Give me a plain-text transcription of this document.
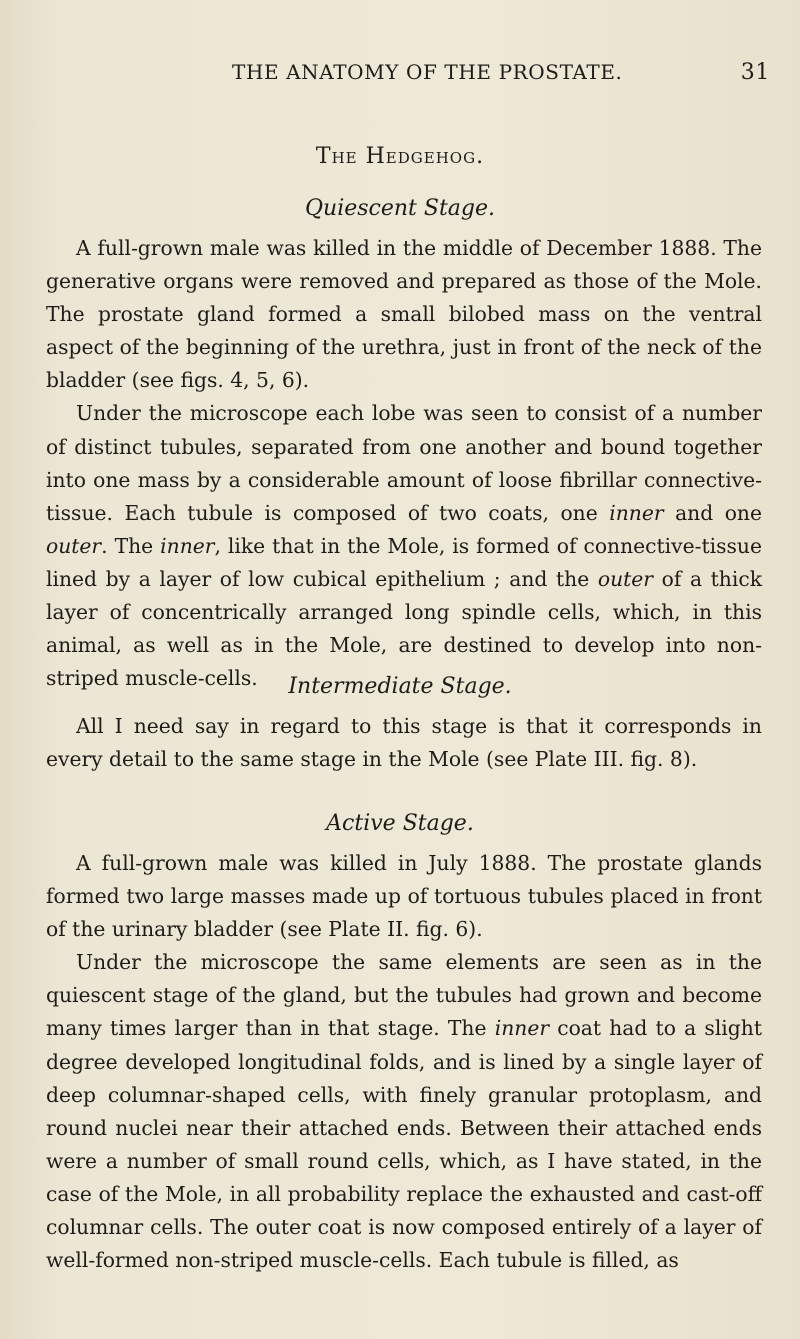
THE ANATOMY OF THE PROSTATE.	31
The Hedgehog.
Quiescent Stage.

A full-grown male was killed in the middle of December 1888. The generative organs were removed and prepared as those of the Mole. The prostate gland formed a small bilobed mass on the ventral aspect of the beginning of the urethra, just in front of the neck of the bladder (see figs. 4, 5, 6).

Under the microscope each lobe was seen to consist of a number of distinct tubules, separated from one another and bound together into one mass by a considerable amount of loose fibrillar connective-tissue. Each tubule is composed of two coats, one inner and one outer. The inner, like that in the Mole, is formed of connective-tissue lined by a layer of low cubical epithelium ; and the outer of a thick layer of concentrically arranged long spindle cells, which, in this animal, as well as in the Mole, are destined to develop into non-striped muscle-cells.	Intermediate Stage.

All I need say in regard to this stage is that it corresponds in every detail to the same stage in the Mole (see Plate III. fig. 8).

Active Stage.

A full-grown male was killed in July 1888. The prostate glands formed two large masses made up of tortuous tubules placed in front of the urinary bladder (see Plate II. fig. 6).

Under the microscope the same elements are seen as in the quiescent stage of the gland, but the tubules had grown and become many times larger than in that stage. The inner coat had to a slight degree developed longitudinal folds, and is lined by a single layer of deep columnar-shaped cells, with finely granular protoplasm, and round nuclei near their attached ends. Between their attached ends were a number of small round cells, which, as I have stated, in the case of the Mole, in all probability replace the exhausted and cast-off columnar cells. The outer coat is now composed entirely of a layer of well-formed non-striped muscle-cells. Each tubule is filled, as
